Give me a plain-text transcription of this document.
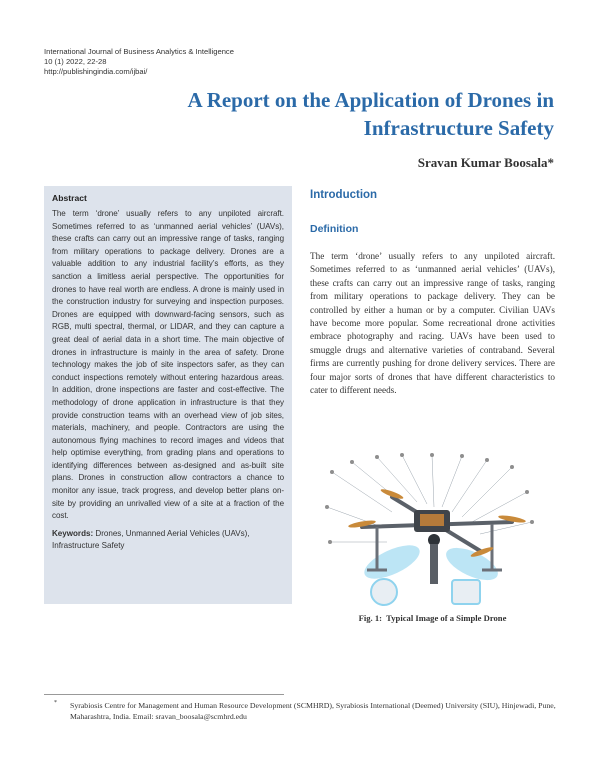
International Journal of Business Analytics & Intelligence
10 (1) 2022, 22-28
http://publishingindia.com/ijbai/
A Report on the Application of Drones in
Infrastructure Safety
Sravan Kumar Boosala*
Abstract

The term ‘drone’ usually refers to any unpiloted aircraft. Sometimes referred to as ‘unmanned aerial vehicles’ (UAVs), these crafts can carry out an impressive range of tasks, ranging from military operations to package delivery. Drones are a valuable addition to any industrial facility’s efforts, as they sanction a limitless aerial perspective. The opportunities for drones to have real worth are endless. A drone is mainly used in the construction industry for surveying and inspection purposes. Drones are equipped with downward-facing sensors, such as RGB, multi spectral, thermal, or LIDAR, and they can capture a great deal of aerial data in a short time. The main objective of drones in infrastructure is mainly in the area of safety. Drone technology makes the job of site inspectors safer, as they can conduct inspections remotely without entering hazardous areas. In addition, drone inspections are faster and cost-effective. The methodology of drone application in infrastructure is that they provide construction teams with an overhead view of job sites, materials, machinery, and people. Contractors are using the autonomous flying machines to record images and videos that help optimise everything, from grading plans and operations to identifying differences between as-designed and as-built site plans. Drones in construction allow contractors a chance to monitor any issue, track progress, and develop better plans on-site by providing an unrivalled view of a site at a fraction of the cost.

Keywords: Drones, Unmanned Aerial Vehicles (UAVs), Infrastructure Safety

Introduction
Definition

The term ‘drone’ usually refers to any unpiloted aircraft. Sometimes referred to as ‘unmanned aerial vehicles’ (UAVs), these crafts can carry out an impressive range of tasks, ranging from military operations to package delivery. They can be controlled by either a human or by a computer. Civilian UAVs have become more popular. Some recreational drone activities embrace photography and racing. UAVs have been used to smuggle drugs and alternative varieties of contraband. Several firms are currently pushing for drone delivery services. There are four major sorts of drones that have different characteristics to cater to different needs.

Fig. 1: Typical Image of a Simple Drone
* Syrabiosis Centre for Management and Human Resource Development (SCMHRD), Syrabiosis International (Deemed) University (SIU), Hinjewadi, Pune, Maharashtra, India. Email: sravan_boosala@scmhrd.edu
